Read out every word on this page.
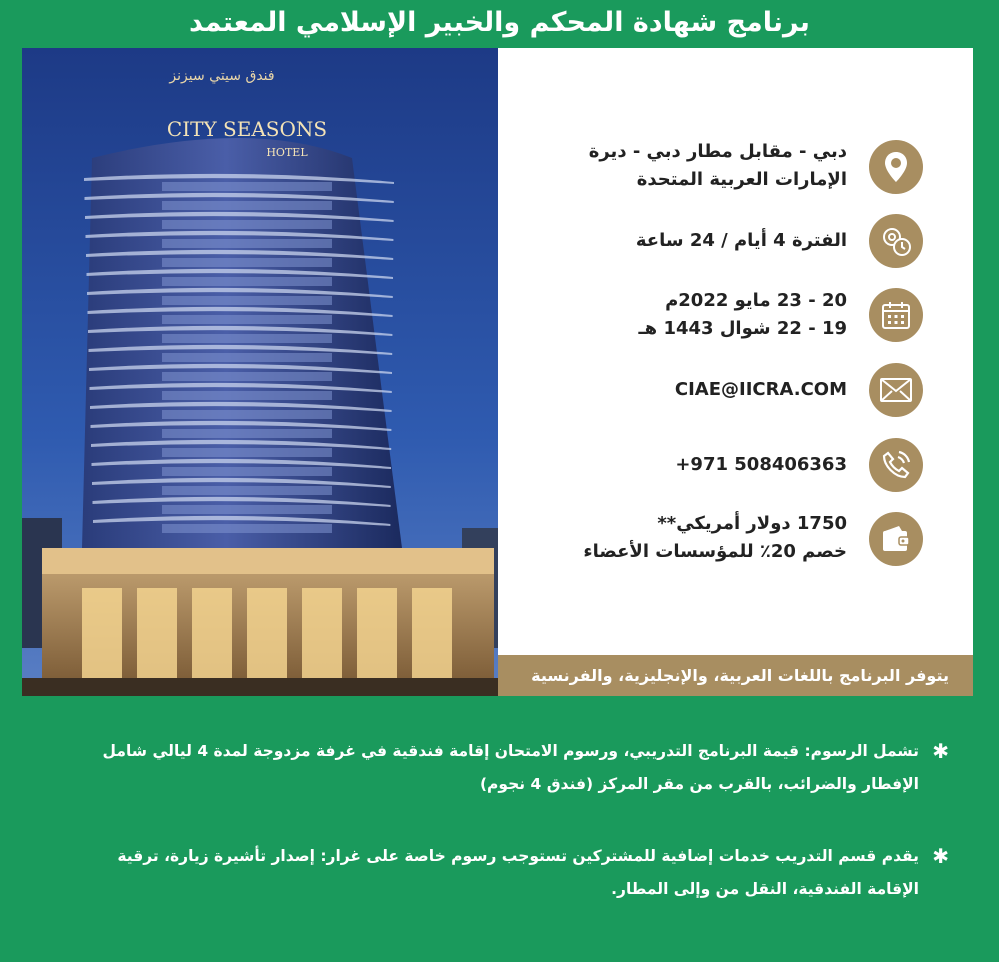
برنامج شهادة المحكم والخبير الإسلامي المعتمد
فندق سيتي سيزنز
CITY SEASONS
HOTEL	دبي - مقابل مطار دبي - ديرة
الإمارات العربية المتحدة
الفترة 4 أيام / 24 ساعة
20 - 23 مايو 2022م
19 - 22 شوال 1443 هـ
CIAE@IICRA.COM
+971 508406363
1750 دولار أمريكي**
خصم 20٪ للمؤسسات الأعضاء
يتوفر البرنامج باللغات العربية، والإنجليزية، والفرنسية
✱
تشمل الرسوم: قيمة البرنامج التدريبي، ورسوم الامتحان إقامة فندقية في غرفة مزدوجة لمدة 4 ليالي شامل الإفطار والضرائب، بالقرب من مقر المركز (فندق 4 نجوم)
✱
يقدم قسم التدريب خدمات إضافية للمشتركين تستوجب رسوم خاصة على غرار: إصدار تأشيرة زيارة، ترقية الإقامة الفندقية، النقل من وإلى المطار.
